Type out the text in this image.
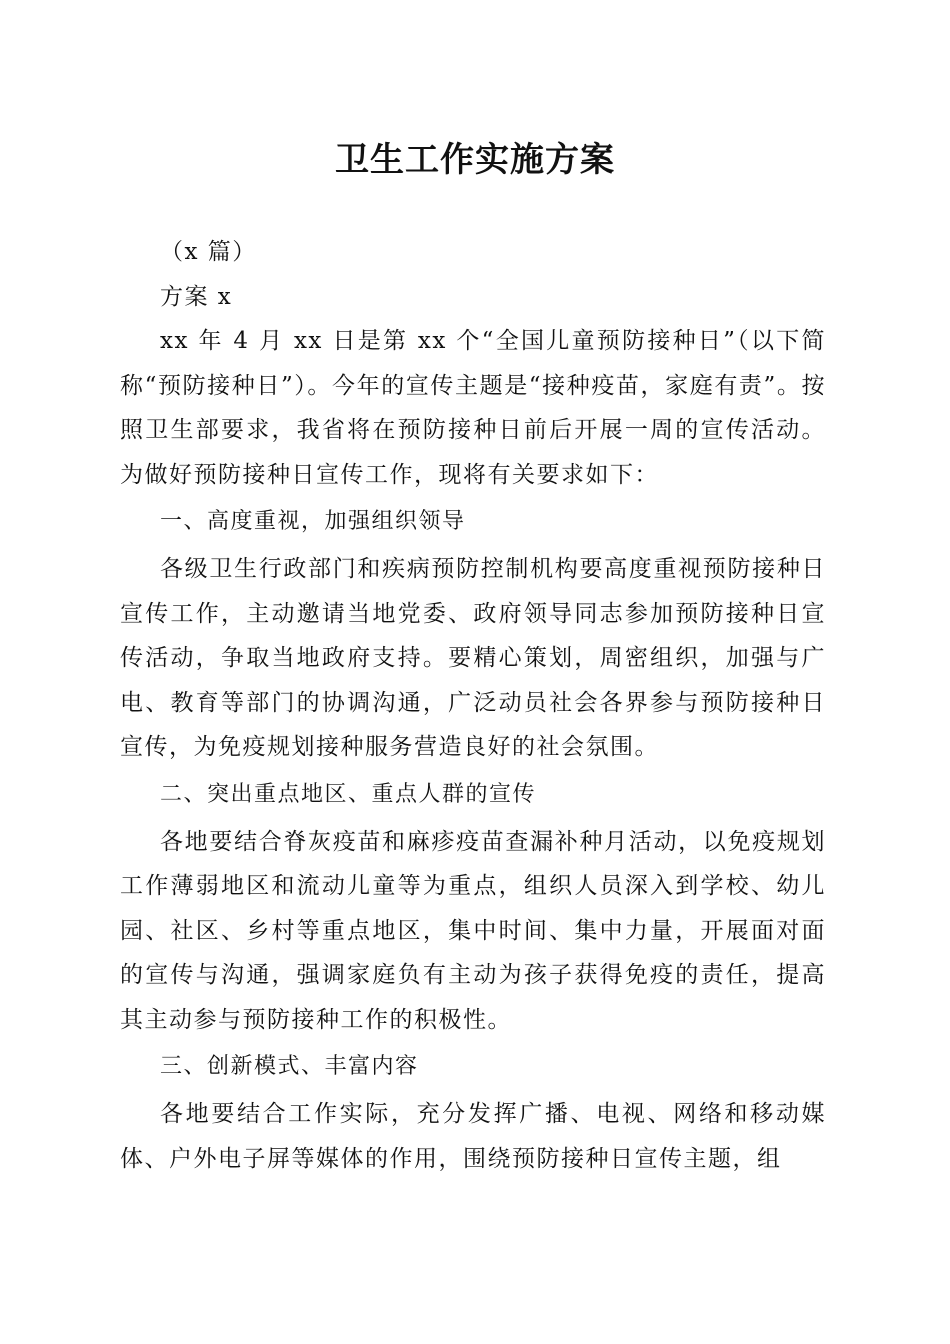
卫生工作实施方案

（x 篇）

方案 x

xx 年 4 月 xx 日是第 xx 个“全国儿童预防接种日”（以下简称“预防接种日”）。今年的宣传主题是“接种疫苗，家庭有责”。按照卫生部要求，我省将在预防接种日前后开展一周的宣传活动。为做好预防接种日宣传工作，现将有关要求如下：

一、高度重视，加强组织领导

各级卫生行政部门和疾病预防控制机构要高度重视预防接种日宣传工作，主动邀请当地党委、政府领导同志参加预防接种日宣传活动，争取当地政府支持。要精心策划，周密组织，加强与广电、教育等部门的协调沟通，广泛动员社会各界参与预防接种日宣传，为免疫规划接种服务营造良好的社会氛围。

二、突出重点地区、重点人群的宣传

各地要结合脊灰疫苗和麻疹疫苗查漏补种月活动，以免疫规划工作薄弱地区和流动儿童等为重点，组织人员深入到学校、幼儿园、社区、乡村等重点地区，集中时间、集中力量，开展面对面的宣传与沟通，强调家庭负有主动为孩子获得免疫的责任，提高其主动参与预防接种工作的积极性。

三、创新模式、丰富内容

各地要结合工作实际，充分发挥广播、电视、网络和移动媒体、户外电子屏等媒体的作用，围绕预防接种日宣传主题，组
